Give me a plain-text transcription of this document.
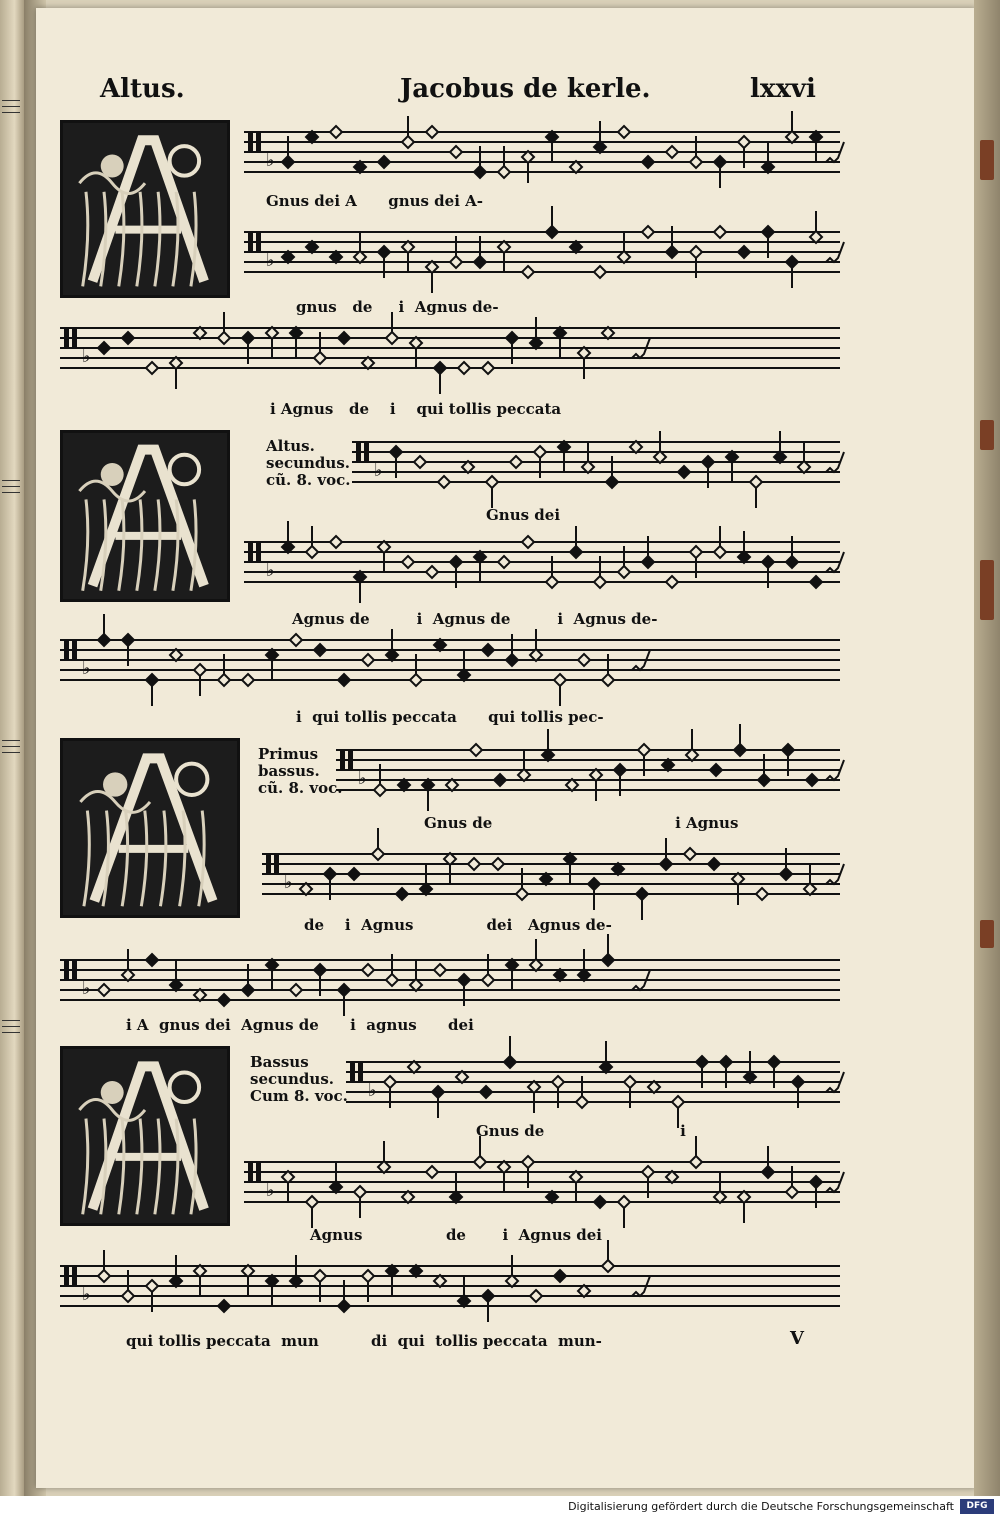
Altus.	Jacobus de kerle.	lxxvi
Altus.
secundus.
cũ. 8. voc.
Primus
bassus.
cũ. 8. voc.
Bassus
secundus.
Cum 8. voc.
♭
Gnus dei A      gnus dei A-
♭
gnus   de     i  Agnus de-
♭
i Agnus   de    i    qui tollis peccata
♭
Gnus dei
♭
Agnus de         i  Agnus de         i  Agnus de-
♭
i  qui tollis peccata      qui tollis pec-
♭
Gnus de                                   i Agnus
♭
de    i  Agnus              dei   Agnus de-
♭
i A  gnus dei  Agnus de      i  agnus      dei
♭
Gnus de                          i
♭
Agnus                de       i  Agnus dei
♭
qui tollis peccata  mun          di  qui  tollis peccata  mun-	V
Digitalisierung gefördert durch die Deutsche Forschungsgemeinschaft	DFG
